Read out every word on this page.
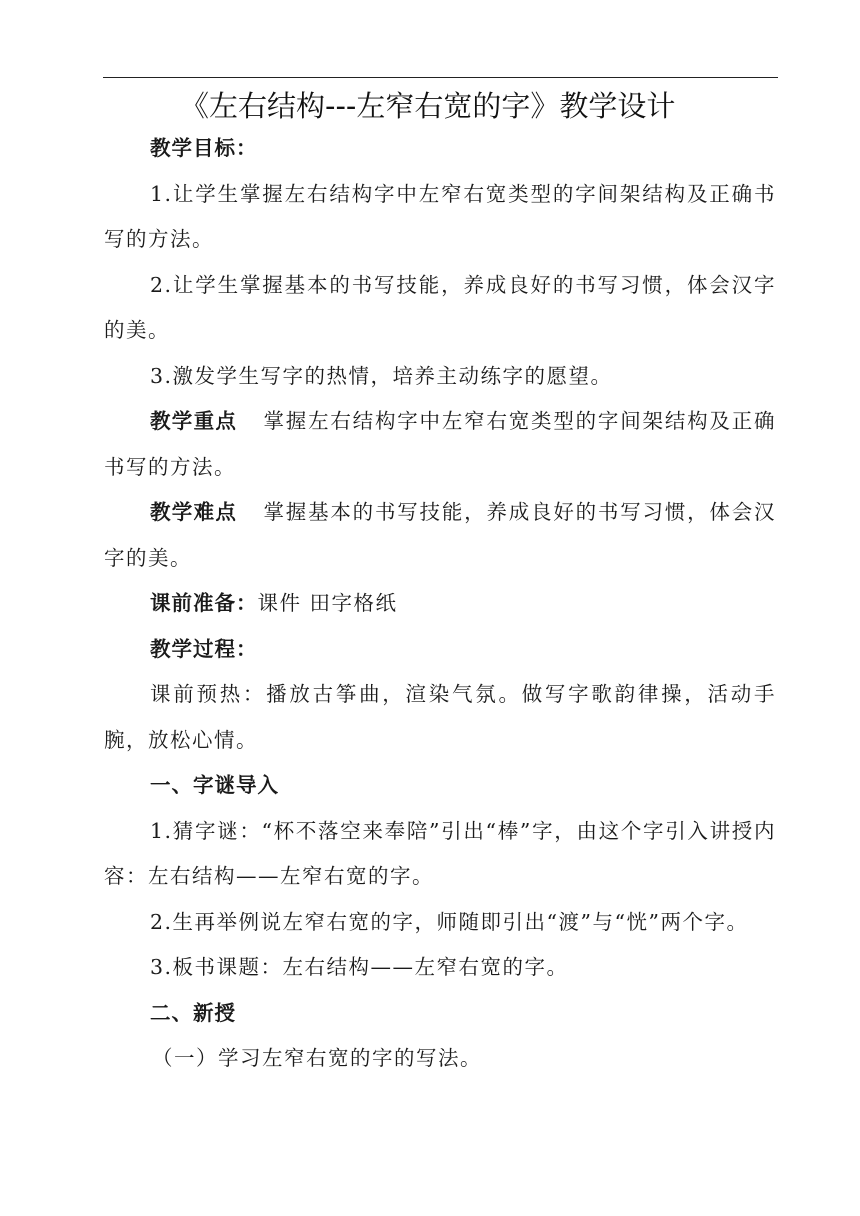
《左右结构---左窄右宽的字》教学设计

教学目标：

1.让学生掌握左右结构字中左窄右宽类型的字间架结构及正确书写的方法。

2.让学生掌握基本的书写技能，养成良好的书写习惯，体会汉字的美。

3.激发学生写字的热情，培养主动练字的愿望。

教学重点 掌握左右结构字中左窄右宽类型的字间架结构及正确书写的方法。

教学难点 掌握基本的书写技能，养成良好的书写习惯，体会汉字的美。

课前准备：课件 田字格纸

教学过程：

课前预热：播放古筝曲，渲染气氛。做写字歌韵律操，活动手腕，放松心情。

一、字谜导入

1.猜字谜：“杯不落空来奉陪”引出“棒”字，由这个字引入讲授内容：左右结构——左窄右宽的字。

2.生再举例说左窄右宽的字，师随即引出“渡”与“恍”两个字。

3.板书课题：左右结构——左窄右宽的字。

二、新授

（一）学习左窄右宽的字的写法。
